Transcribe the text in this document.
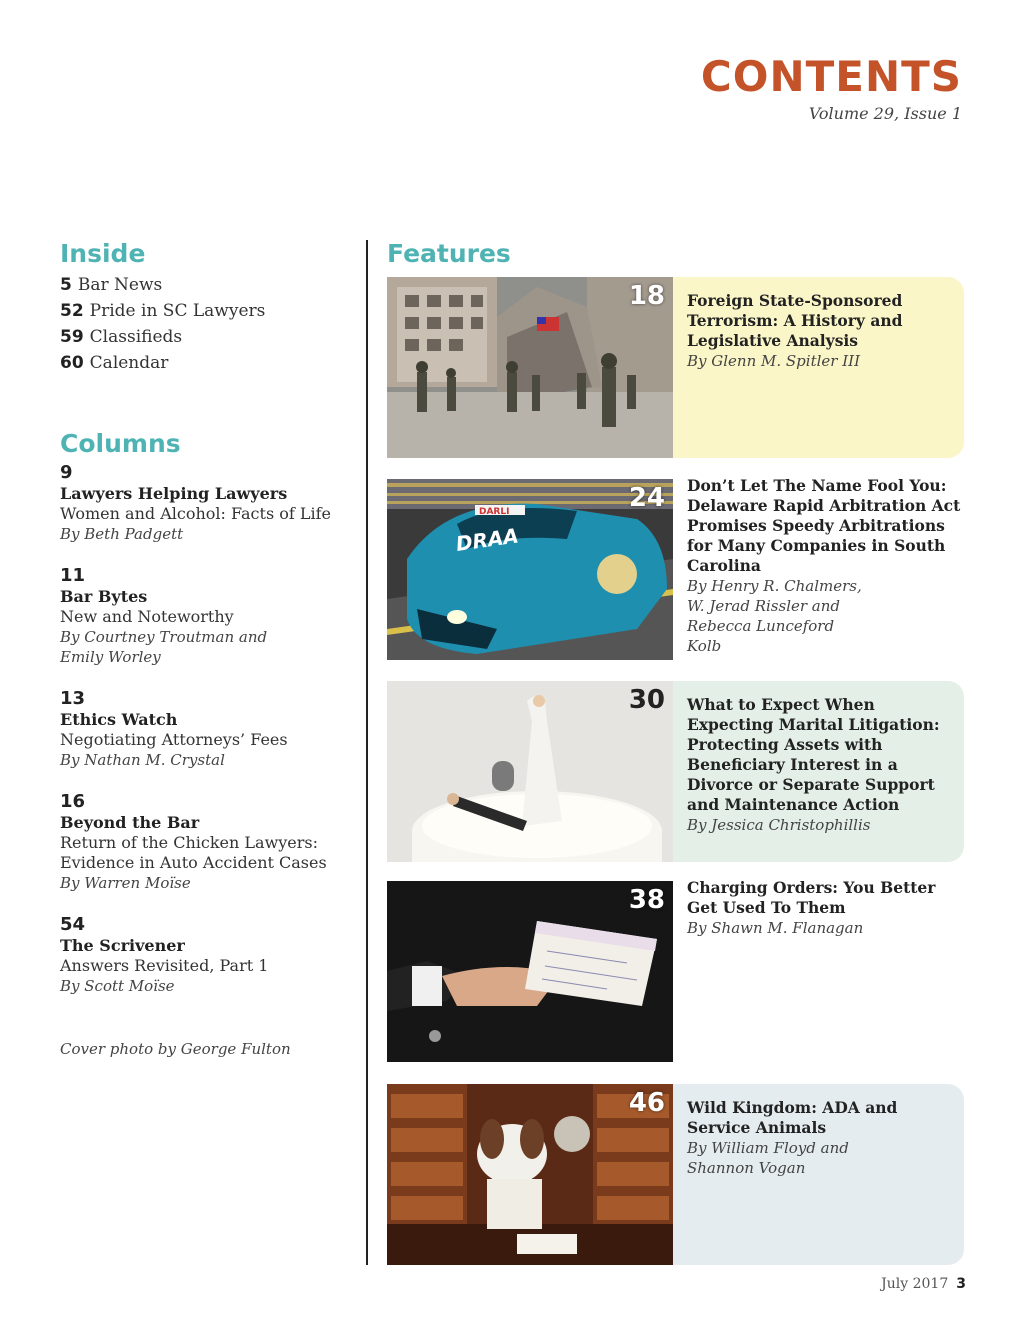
CONTENTS
Volume 29, Issue 1
Inside
5 Bar News
52 Pride in SC Lawyers
59 Classifieds
60 Calendar
Columns
9
Lawyers Helping Lawyers
Women and Alcohol: Facts of Life
By Beth Padgett
11
Bar Bytes
New and Noteworthy
By Courtney Troutman and Emily Worley
13
Ethics Watch
Negotiating Attorneys’ Fees
By Nathan M. Crystal
16
Beyond the Bar
Return of the Chicken Lawyers: Evidence in Auto Accident Cases
By Warren Moïse
54
The Scrivener
Answers Revisited, Part 1
By Scott Moïse
Cover photo by George Fulton
Features
18 Foreign State-Sponsored Terrorism: A History and Legislative Analysis
By Glenn M. Spitler III
DARLI
DRAA
24 Don’t Let The Name Fool You: Delaware Rapid Arbitration Act Promises Speedy Arbitrations for Many Companies in South Carolina
By Henry R. Chalmers, W. Jerad Rissler and Rebecca Lunceford Kolb
30 What to Expect When Expecting Marital Litigation: Protecting Assets with Beneficiary Interest in a Divorce or Separate Support and Maintenance Action
By Jessica Christophillis
38 Charging Orders: You Better Get Used To Them
By Shawn M. Flanagan
46 Wild Kingdom: ADA and Service Animals
By William Floyd and Shannon Vogan
July 2017 3
